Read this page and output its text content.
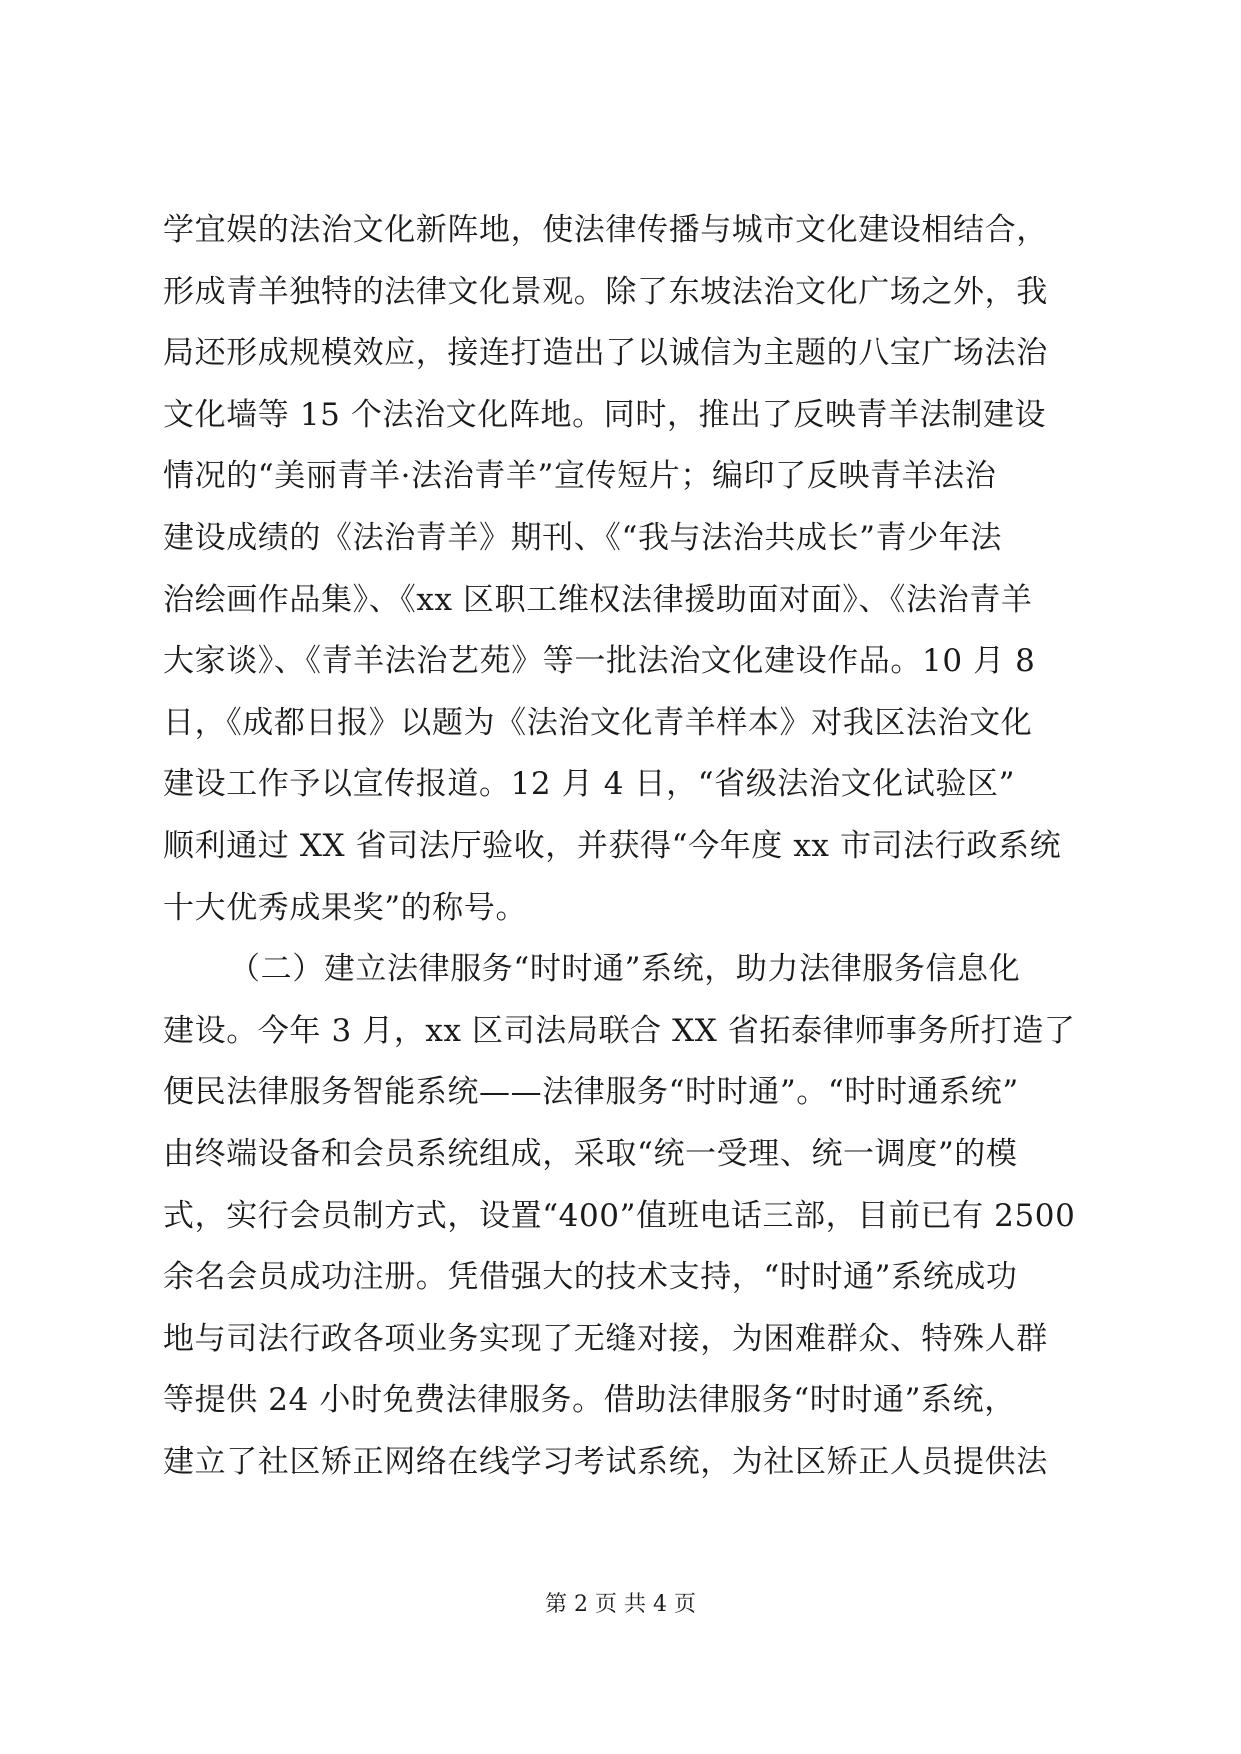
学宜娱的法治文化新阵地，使法律传播与城市文化建设相结合，
形成青羊独特的法律文化景观。除了东坡法治文化广场之外，我
局还形成规模效应，接连打造出了以诚信为主题的八宝广场法治
文化墙等 15 个法治文化阵地。同时，推出了反映青羊法制建设
情况的“美丽青羊·法治青羊”宣传短片；编印了反映青羊法治
建设成绩的《法治青羊》期刊、《“我与法治共成长”青少年法
治绘画作品集》、《xx 区职工维权法律援助面对面》、《法治青羊
大家谈》、《青羊法治艺苑》等一批法治文化建设作品。10 月 8
日，《成都日报》以题为《法治文化青羊样本》对我区法治文化
建设工作予以宣传报道。12 月 4 日，“省级法治文化试验区”
顺利通过 XX 省司法厅验收，并获得“今年度 xx 市司法行政系统
十大优秀成果奖”的称号。
（二）建立法律服务“时时通”系统，助力法律服务信息化
建设。今年 3 月，xx 区司法局联合 XX 省拓泰律师事务所打造了
便民法律服务智能系统——法律服务“时时通”。“时时通系统”
由终端设备和会员系统组成，采取“统一受理、统一调度”的模
式，实行会员制方式，设置“400”值班电话三部，目前已有 2500
余名会员成功注册。凭借强大的技术支持，“时时通”系统成功
地与司法行政各项业务实现了无缝对接，为困难群众、特殊人群
等提供 24 小时免费法律服务。借助法律服务“时时通”系统，
建立了社区矫正网络在线学习考试系统，为社区矫正人员提供法
第 2 页 共 4 页
